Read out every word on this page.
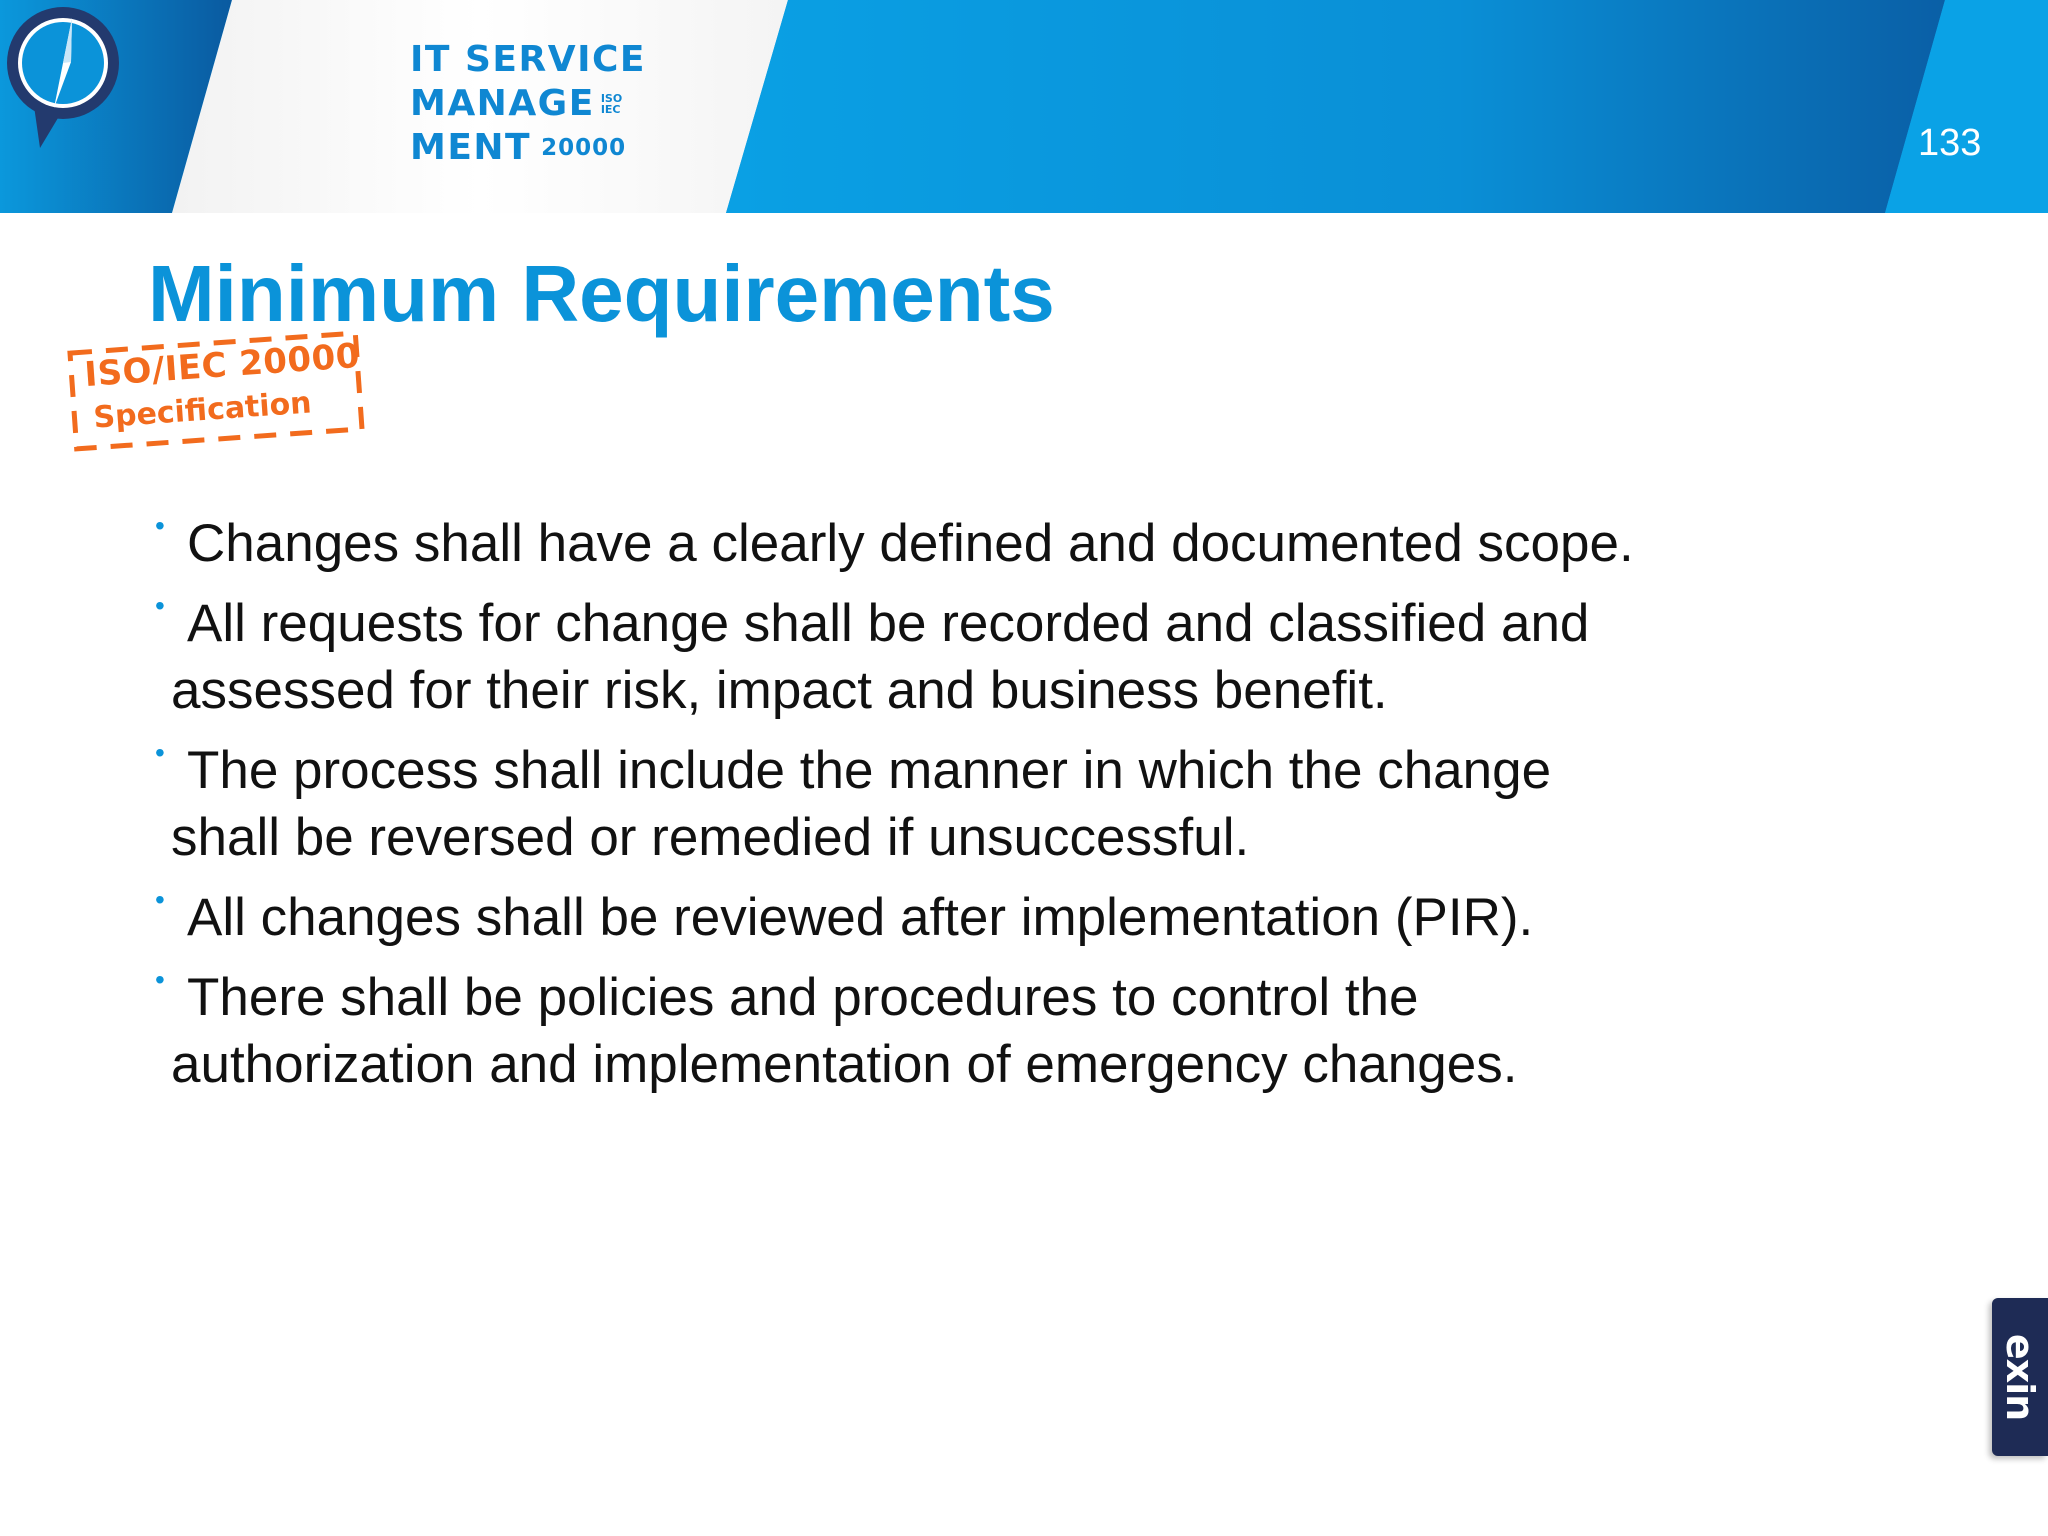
IT SERVICE
MANAGE ISO
IEC
MENT 20000	133
Minimum Requirements
ISO/IEC 20000
Specification
• Changes shall have a clearly defined and documented scope.
• All requests for change shall be recorded and classified and assessed for their risk, impact and business benefit.
• The process shall include the manner in which the change shall be reversed or remedied if unsuccessful.
• All changes shall be reviewed after implementation (PIR).
• There shall be policies and procedures to control the authorization and implementation of emergency changes.
exin
